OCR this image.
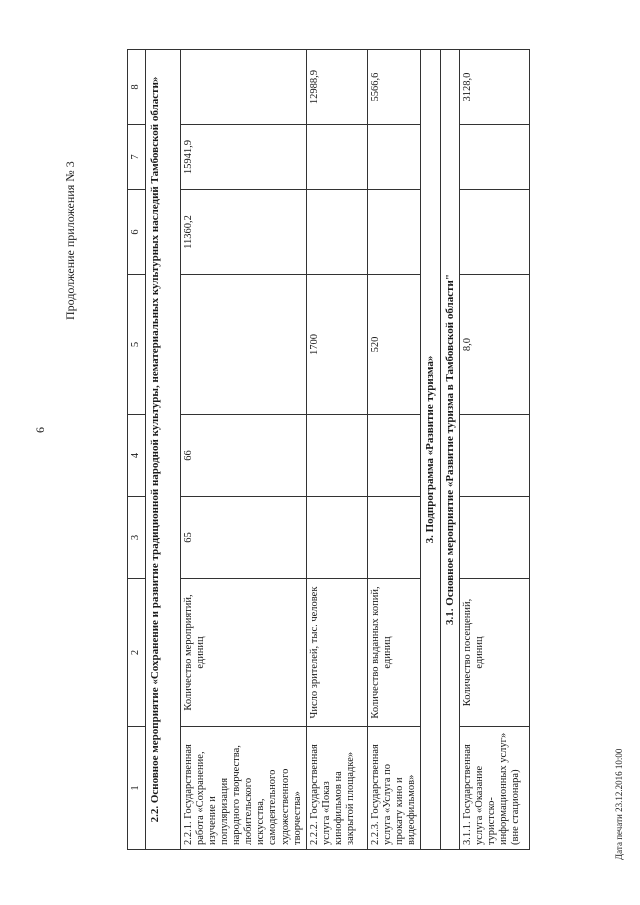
6
Продолжение приложения № 3
Дата печати 23.12.2016 10:00
1	2	3	4	5	6	7	8
2.2. Основное мероприятие «Сохранение и развитие традиционной народной культуры, нематериальных культурных наследий Тамбовской области»							
2.2.1. Государственная работа «Сохранение, изучение и популяризация народного творчества, любительского искусства, самодеятельного художественного творчества»	Количество мероприятий, единиц	65	66		11360,2	15941,9	
2.2.2. Государственная услуга «Показ кинофильмов на закрытой площадке»	Число зрителей, тыс. человек			1700			12988,9
2.2.3. Государственная услуга «Услуга по прокату кино и видеофильмов»	Количество выданных копий, единиц			520			5566,6
3. Подпрограмма «Развитие туризма»							
3.1. Основное мероприятие «Развитие туризма в Тамбовской области"							
3.1.1. Государственная услуга «Оказание туристско-информационных услуг» (вне стационара)	Количество посещений, единиц			8,0			3128,0
